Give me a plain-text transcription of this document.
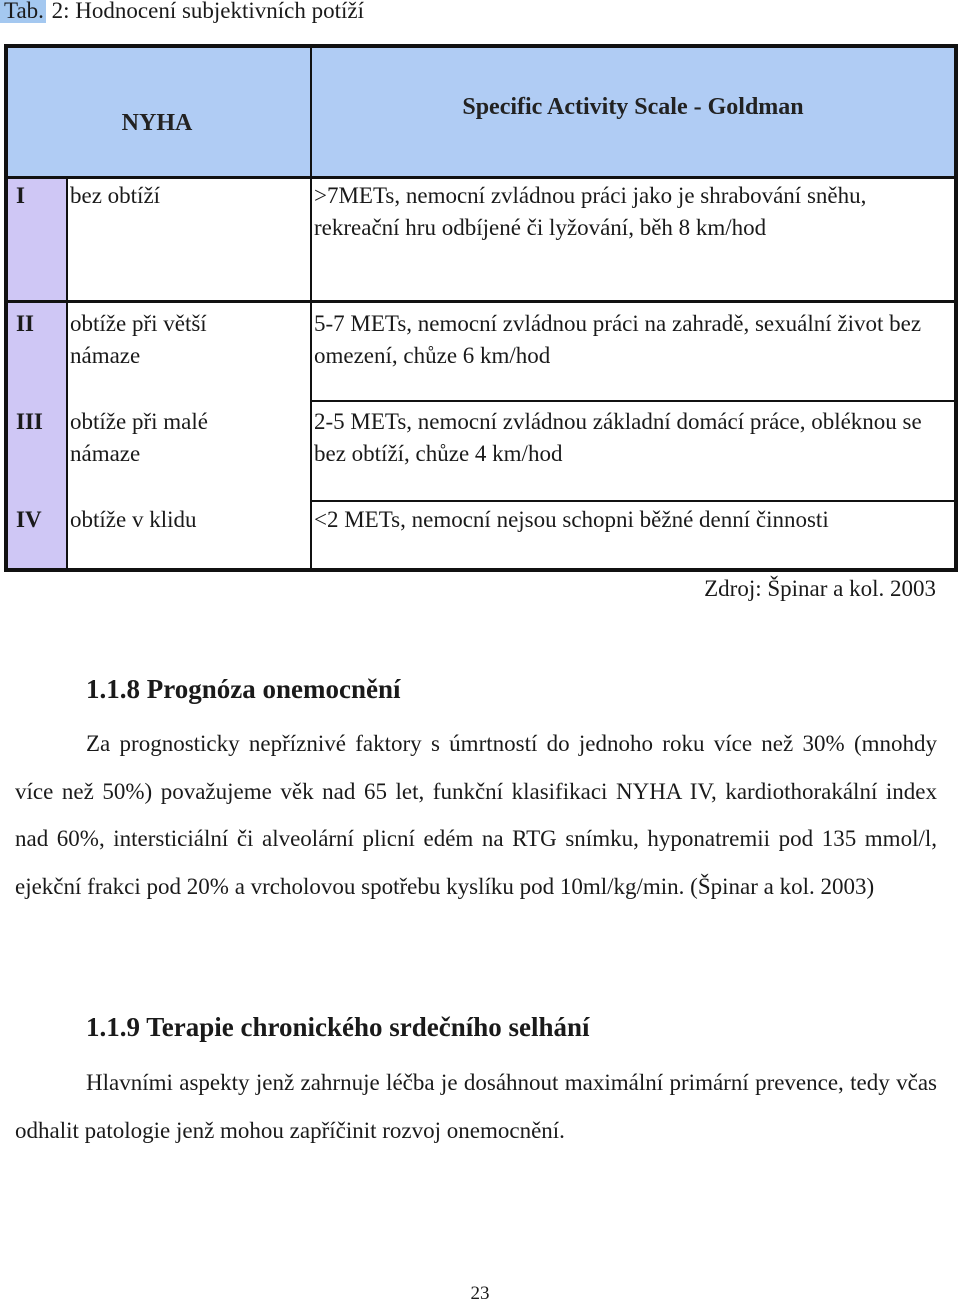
Tab. 2: Hodnocení subjektivních potíží
NYHA
Specific Activity Scale - Goldman
I bez obtíží	>7METs, nemocní zvládnou práci jako je shrabování sněhu, rekreační hru odbíjené či lyžování, běh 8 km/hod
II obtíže při větší námaze
5-7 METs, nemocní zvládnou práci na zahradě, sexuální život bez omezení, chůze 6 km/hod
III obtíže při malé námaze
2-5 METs, nemocní zvládnou základní domácí práce, obléknou se bez obtíží, chůze 4 km/hod
IV obtíže v klidu	<2 METs, nemocní nejsou schopni běžné denní činnosti
Zdroj: Špinar a kol. 2003
1.1.8 Prognóza onemocnění

Za prognosticky nepříznivé faktory s úmrtností do jednoho roku více než 30% (mnohdy více než 50%) považujeme věk nad 65 let, funkční klasifikaci NYHA IV, kardiothorakální index nad 60%, intersticiální či alveolární plicní edém na RTG snímku, hyponatremii pod 135 mmol/l, ejekční frakci pod 20% a vrcholovou spotřebu kyslíku pod 10ml/kg/min. (Špinar a kol. 2003)

1.1.9 Terapie chronického srdečního selhání

Hlavními aspekty jenž zahrnuje léčba je dosáhnout maximální primární prevence, tedy včas odhalit patologie jenž mohou zapříčinit rozvoj onemocnění.

23
